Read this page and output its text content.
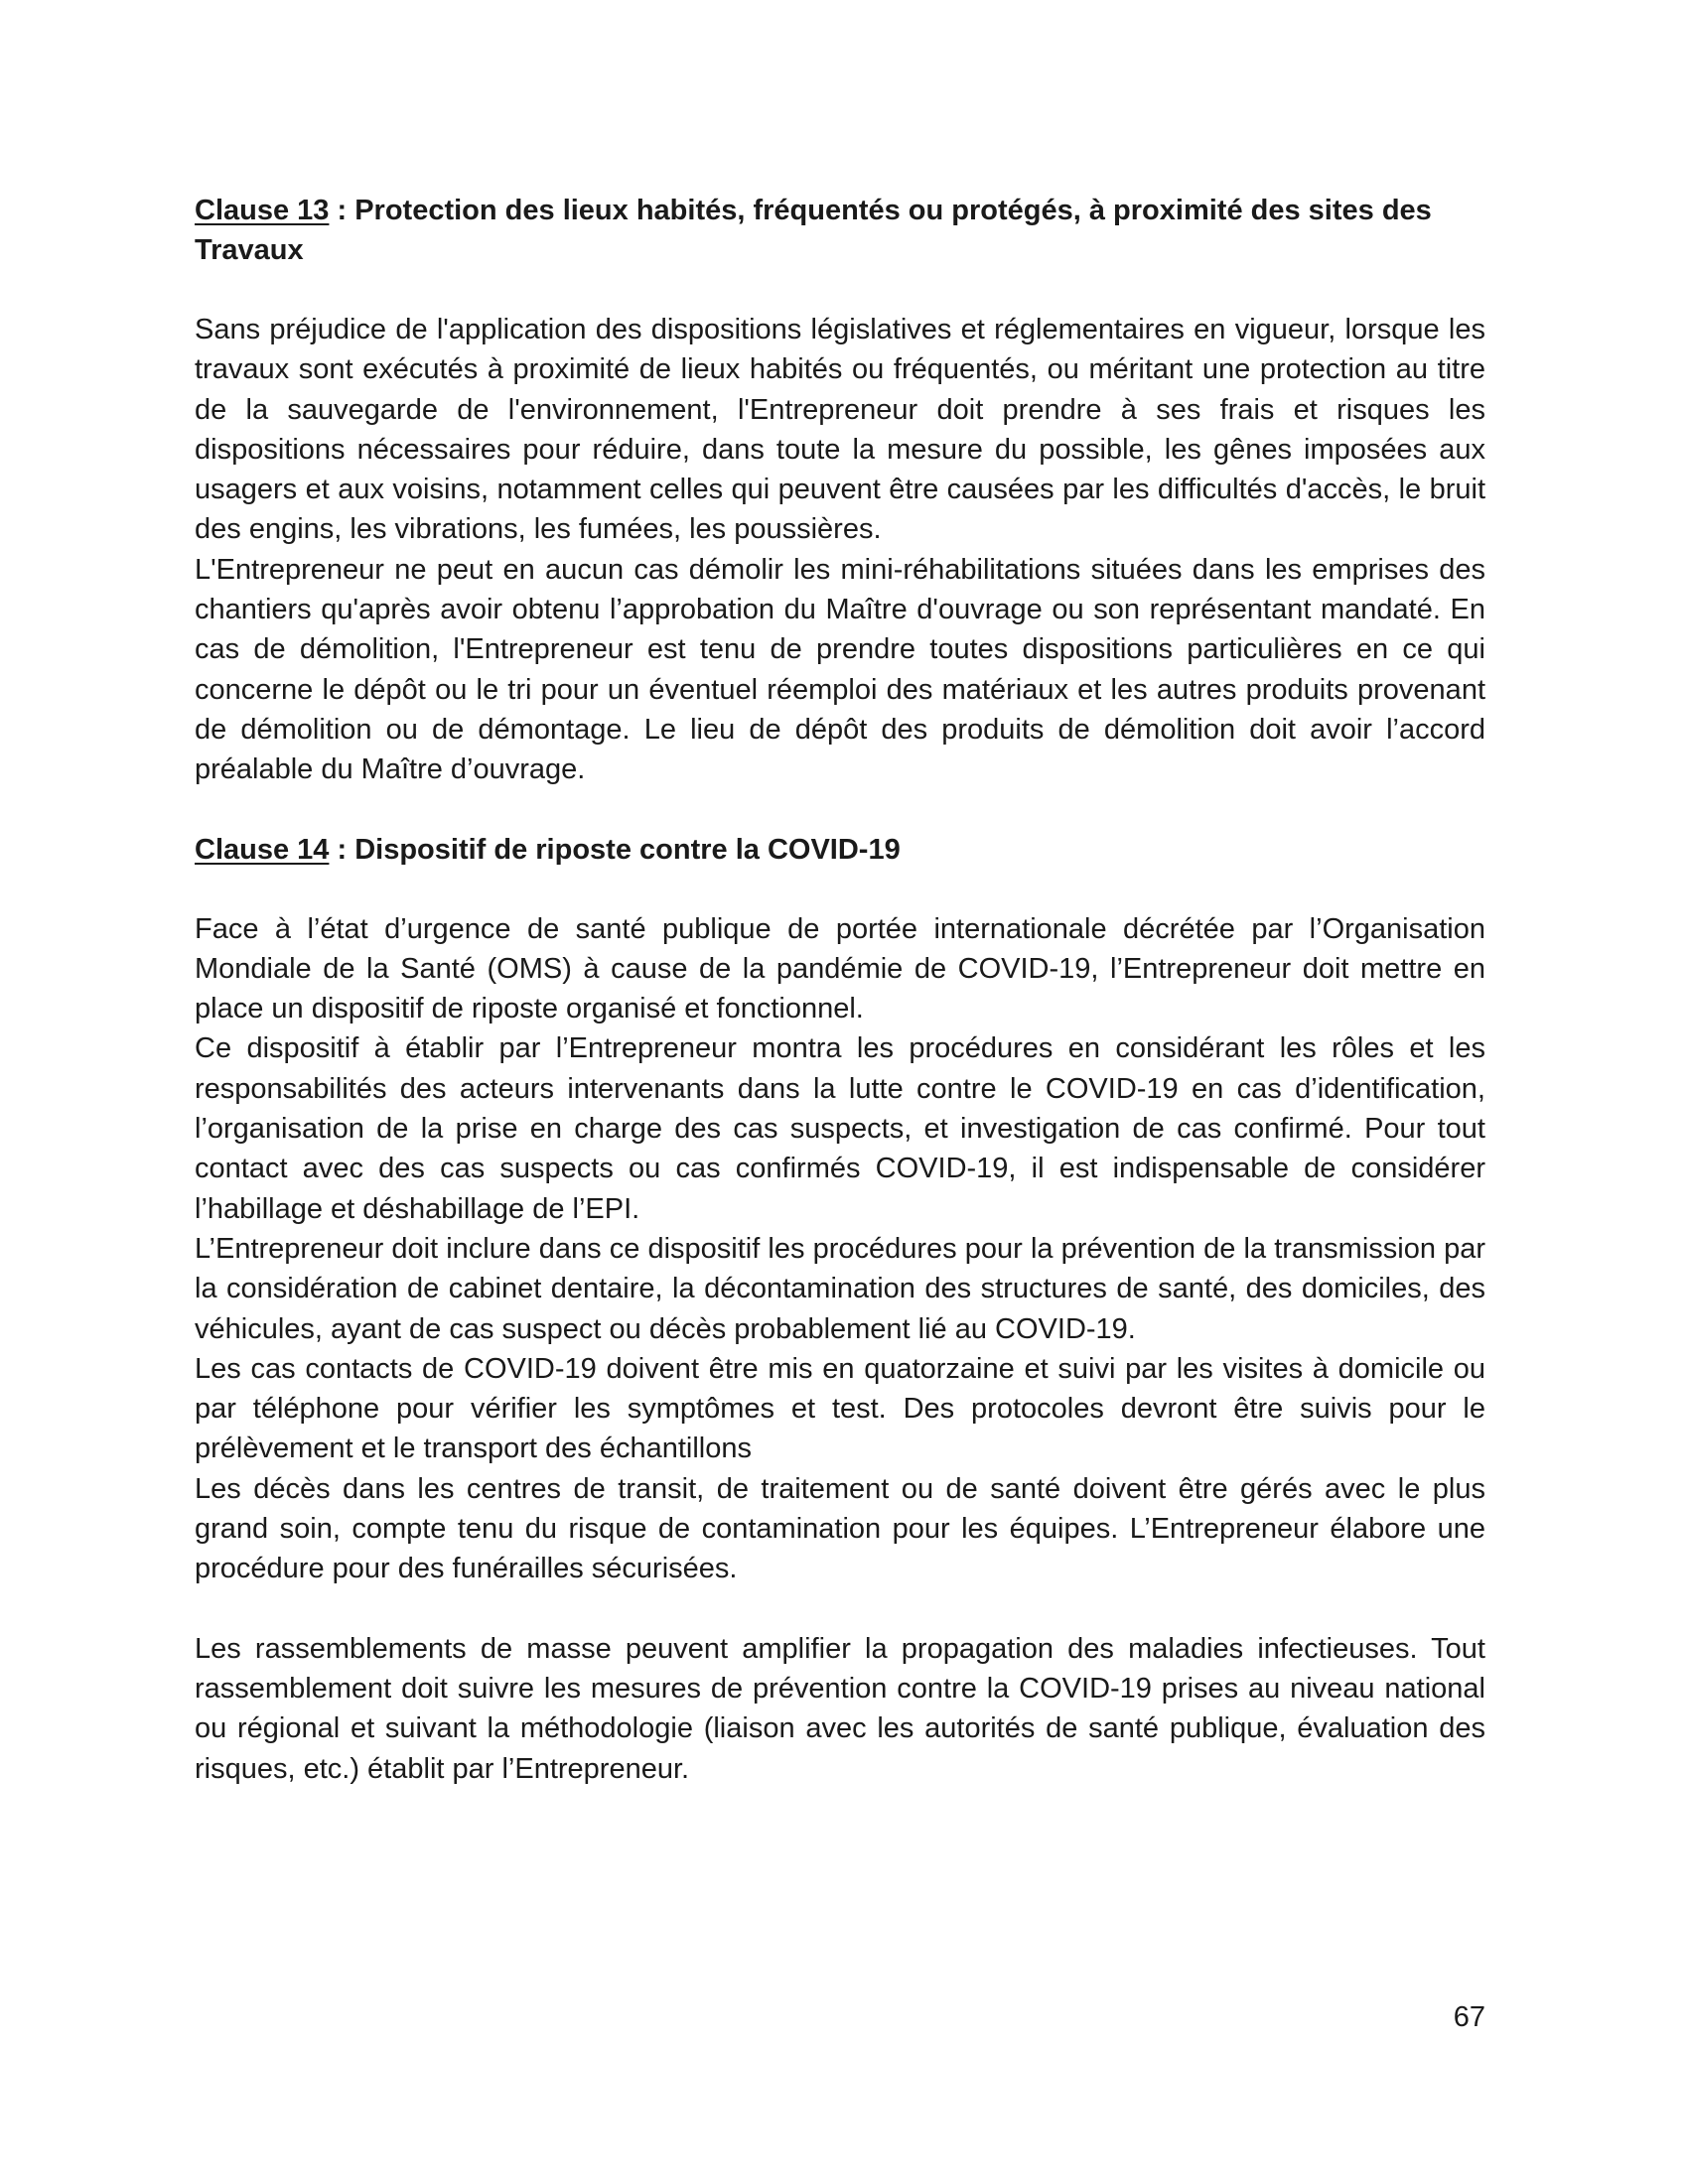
Clause 13 : Protection des lieux habités, fréquentés ou protégés, à proximité des sites des Travaux

Sans préjudice de l'application des dispositions législatives et réglementaires en vigueur, lorsque les travaux sont exécutés à proximité de lieux habités ou fréquentés, ou méritant une protection au titre de la sauvegarde de l'environnement, l'Entrepreneur doit prendre à ses frais et risques les dispositions nécessaires pour réduire, dans toute la mesure du possible, les gênes imposées aux usagers et aux voisins, notamment celles qui peuvent être causées par les difficultés d'accès, le bruit des engins, les vibrations, les fumées, les poussières.

L'Entrepreneur ne peut en aucun cas démolir les mini-réhabilitations situées dans les emprises des chantiers qu'après avoir obtenu l’approbation du Maître d'ouvrage ou son représentant mandaté. En cas de démolition, l'Entrepreneur est tenu de prendre toutes dispositions particulières en ce qui concerne le dépôt ou le tri pour un éventuel réemploi des matériaux et les autres produits provenant de démolition ou de démontage. Le lieu de dépôt des produits de démolition doit avoir l’accord préalable du Maître d’ouvrage.

Clause 14 : Dispositif de riposte contre la COVID-19

Face à l’état d’urgence de santé publique de portée internationale décrétée par l’Organisation Mondiale de la Santé (OMS) à cause de la pandémie de COVID-19, l’Entrepreneur doit mettre en place un dispositif de riposte organisé et fonctionnel.

Ce dispositif à établir par l’Entrepreneur montra les procédures en considérant les rôles et les responsabilités des acteurs intervenants dans la lutte contre le COVID-19 en cas d’identification, l’organisation de la prise en charge des cas suspects, et investigation de cas confirmé. Pour tout contact avec des cas suspects ou cas confirmés COVID-19, il est indispensable de considérer l’habillage et déshabillage de l’EPI.

L’Entrepreneur doit inclure dans ce dispositif les procédures pour la prévention de la transmission par la considération de cabinet dentaire, la décontamination des structures de santé, des domiciles, des véhicules, ayant de cas suspect ou décès probablement lié au COVID-19.

Les cas contacts de COVID-19 doivent être mis en quatorzaine et suivi par les visites à domicile ou par téléphone pour vérifier les symptômes et test. Des protocoles devront être suivis pour le prélèvement et le transport des échantillons

Les décès dans les centres de transit, de traitement ou de santé doivent être gérés avec le plus grand soin, compte tenu du risque de contamination pour les équipes. L’Entrepreneur élabore une procédure pour des funérailles sécurisées.

Les rassemblements de masse peuvent amplifier la propagation des maladies infectieuses. Tout rassemblement doit suivre les mesures de prévention contre la COVID-19 prises au niveau national ou régional et suivant la méthodologie (liaison avec les autorités de santé publique, évaluation des risques, etc.) établit par l’Entrepreneur.

67
